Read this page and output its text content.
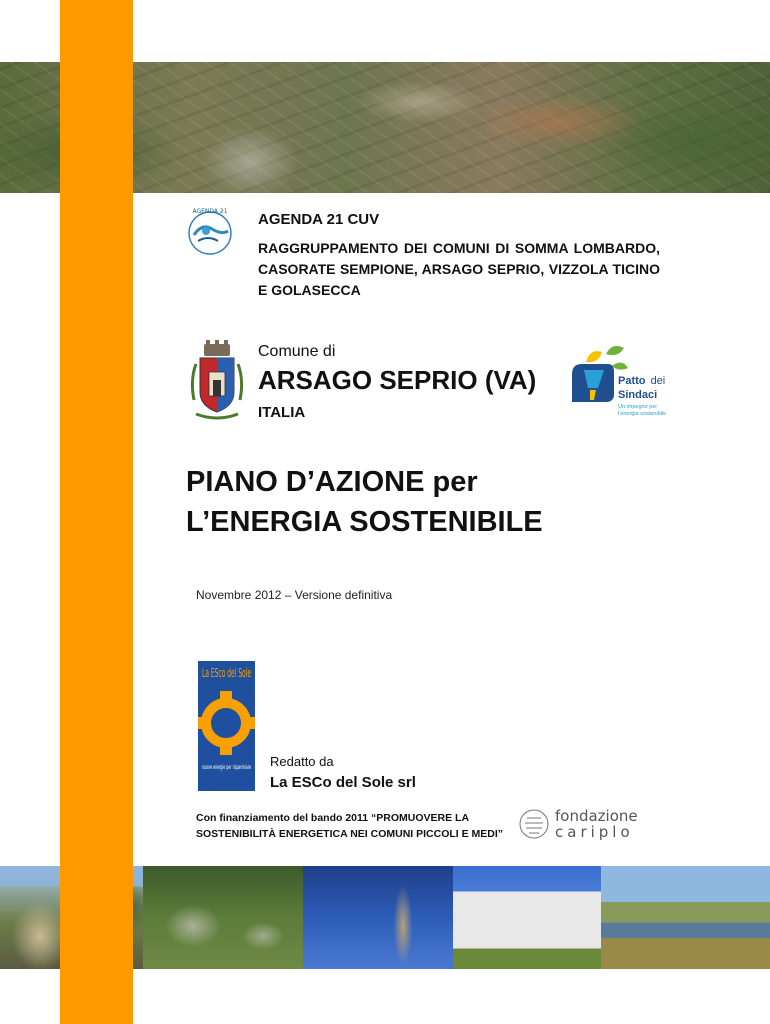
AGENDA 21 AGENDA 21 CUV

RAGGRUPPAMENTO DEI COMUNI DI SOMMA LOMBARDO, CASORATE SEMPIONE, ARSAGO SEPRIO, VIZZOLA TICINO E GOLASECCA

Comune di
ARSAGO SEPRIO (VA)
ITALIA
Patto dei
Sindaci
Un impegno per
l'energia sostenibile
PIANO D’AZIONE per
L’ENERGIA SOSTENIBILE
Novembre 2012 – Versione definitiva
La ESco del Sole
nuove energie per risparmiare Redatto da
La ESCo del Sole srl
Con finanziamento del bando 2011 “PROMUOVERE LA SOSTENIBILITÀ ENERGETICA NEI COMUNI PICCOLI E MEDI”
fondazione
cariplo
